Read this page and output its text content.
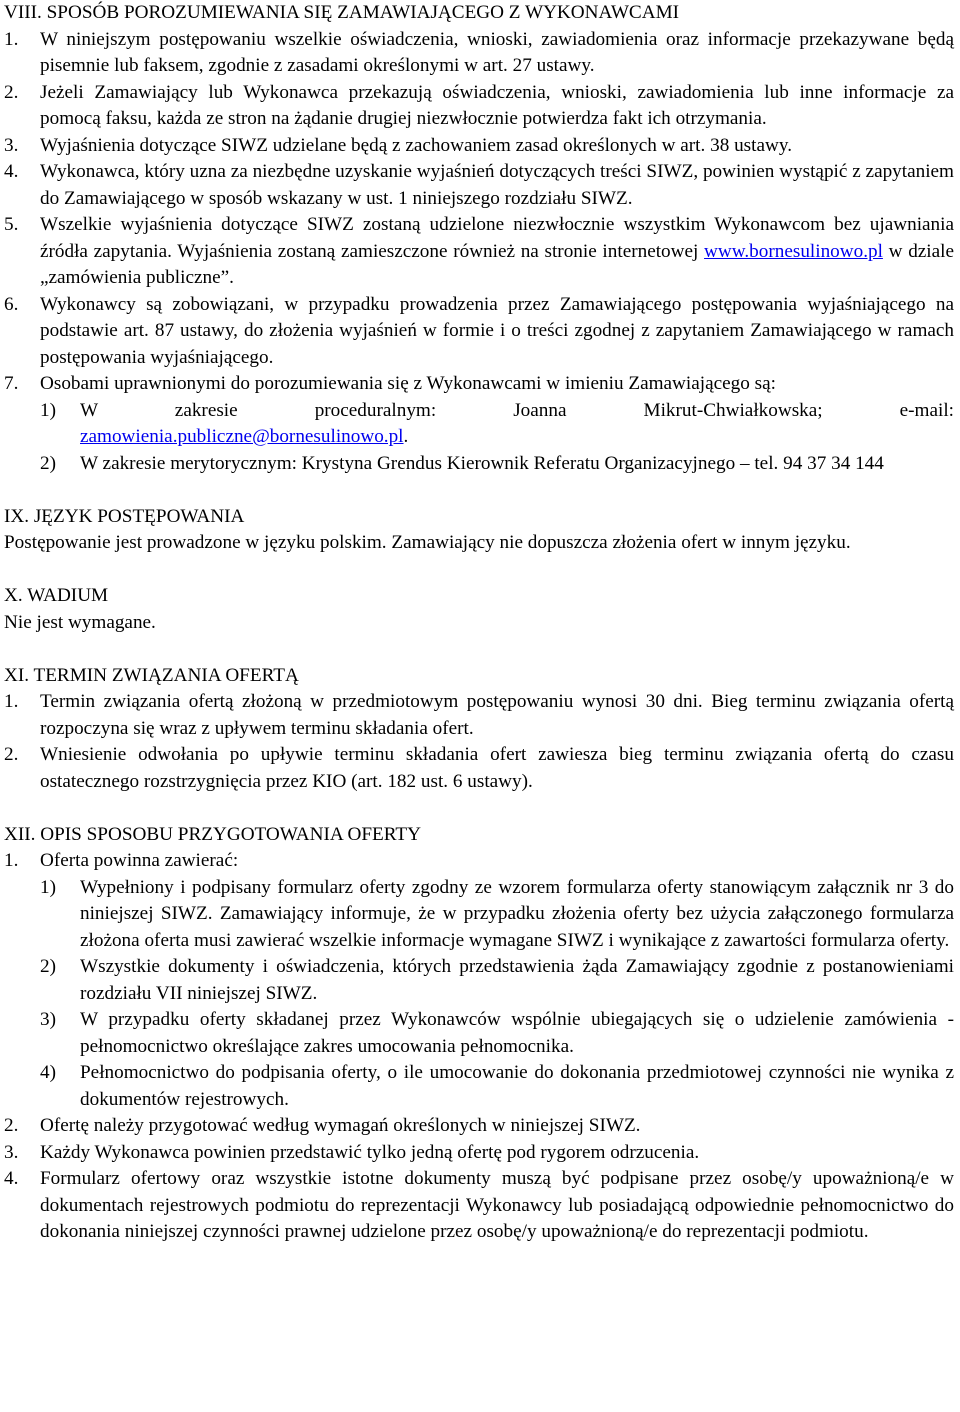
VIII. SPOSÓB POROZUMIEWANIA SIĘ ZAMAWIAJĄCEGO Z WYKONAWCAMI
1.	W niniejszym postępowaniu wszelkie oświadczenia, wnioski, zawiadomienia oraz informacje przekazywane będą pisemnie lub faksem, zgodnie z zasadami określonymi w art. 27 ustawy.
2.	Jeżeli Zamawiający lub Wykonawca przekazują oświadczenia, wnioski, zawiadomienia lub inne informacje za pomocą faksu, każda ze stron na żądanie drugiej niezwłocznie potwierdza fakt ich otrzymania.
3.	Wyjaśnienia dotyczące SIWZ udzielane będą z zachowaniem zasad określonych w art. 38 ustawy.
4.	Wykonawca, który uzna za niezbędne uzyskanie wyjaśnień dotyczących treści SIWZ, powinien wystąpić z zapytaniem do Zamawiającego w sposób wskazany w ust. 1 niniejszego rozdziału SIWZ.
5.	Wszelkie wyjaśnienia dotyczące SIWZ zostaną udzielone niezwłocznie wszystkim Wykonawcom bez ujawniania źródła zapytania. Wyjaśnienia zostaną zamieszczone również na stronie internetowej www.bornesulinowo.pl w dziale „zamówienia publiczne”.
6.	Wykonawcy są zobowiązani, w przypadku prowadzenia przez Zamawiającego postępowania wyjaśniającego na podstawie art. 87 ustawy, do złożenia wyjaśnień w formie i o treści zgodnej z zapytaniem Zamawiającego w ramach postępowania wyjaśniającego.
7.	Osobami uprawnionymi do porozumiewania się z Wykonawcami w imieniu Zamawiającego są:
1)	W zakresie proceduralnym: Joanna Mikrut-Chwiałkowska; e-mail:
zamowienia.publiczne@bornesulinowo.pl.
2)	W zakresie merytorycznym: Krystyna Grendus Kierownik Referatu Organizacyjnego – tel. 94 37 34 144
IX. JĘZYK POSTĘPOWANIA
Postępowanie jest prowadzone w języku polskim. Zamawiający nie dopuszcza złożenia ofert w innym języku.
X. WADIUM
Nie jest wymagane.
XI. TERMIN ZWIĄZANIA OFERTĄ
1.	Termin związania ofertą złożoną w przedmiotowym postępowaniu wynosi 30 dni. Bieg terminu związania ofertą rozpoczyna się wraz z upływem terminu składania ofert.
2.	Wniesienie odwołania po upływie terminu składania ofert zawiesza bieg terminu związania ofertą do czasu ostatecznego rozstrzygnięcia przez KIO (art. 182 ust. 6 ustawy).
XII. OPIS SPOSOBU PRZYGOTOWANIA OFERTY
1.	Oferta powinna zawierać:
1)	Wypełniony i podpisany formularz oferty zgodny ze wzorem formularza oferty stanowiącym załącznik nr 3 do niniejszej SIWZ. Zamawiający informuje, że w przypadku złożenia oferty bez użycia załączonego formularza złożona oferta musi zawierać wszelkie informacje wymagane SIWZ i wynikające z zawartości formularza oferty.
2)	Wszystkie dokumenty i oświadczenia, których przedstawienia żąda Zamawiający zgodnie z postanowieniami rozdziału VII niniejszej SIWZ.
3)	W przypadku oferty składanej przez Wykonawców wspólnie ubiegających się o udzielenie zamówienia - pełnomocnictwo określające zakres umocowania pełnomocnika.
4)	Pełnomocnictwo do podpisania oferty, o ile umocowanie do dokonania przedmiotowej czynności nie wynika z dokumentów rejestrowych.
2.	Ofertę należy przygotować według wymagań określonych w niniejszej SIWZ.
3.	Każdy Wykonawca powinien przedstawić tylko jedną ofertę pod rygorem odrzucenia.
4.	Formularz ofertowy oraz wszystkie istotne dokumenty muszą być podpisane przez osobę/y upoważnioną/e w dokumentach rejestrowych podmiotu do reprezentacji Wykonawcy lub posiadającą odpowiednie pełnomocnictwo do dokonania niniejszej czynności prawnej udzielone przez osobę/y upoważnioną/e do reprezentacji podmiotu.
